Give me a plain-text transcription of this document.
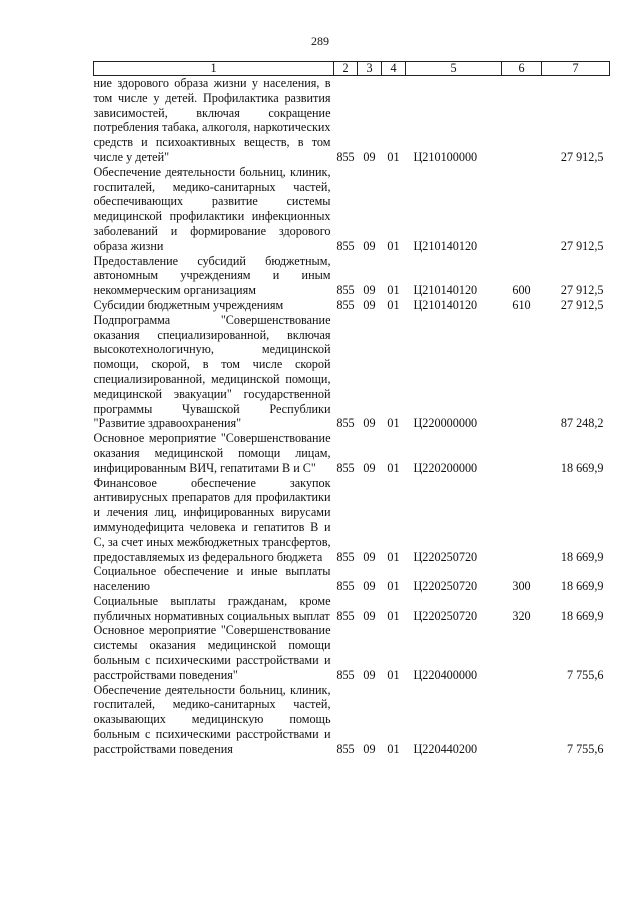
289
1	2	3	4	5	6	7
ние здорового образа жизни у населения, в том числе у детей. Профилактика развития зависимостей, включая сокращение потребления табака, алкоголя, наркотических средств и психоактивных веществ, в том числе у детей"	855	09	01	Ц210100000		27 912,5
Обеспечение деятельности больниц, клиник, госпиталей, медико-санитарных частей, обеспечивающих развитие системы медицинской профилактики инфекционных заболеваний и формирование здорового образа жизни	855	09	01	Ц210140120		27 912,5
Предоставление субсидий бюджетным, автономным учреждениям и иным некоммерческим организациям	855	09	01	Ц210140120	600	27 912,5
Субсидии бюджетным учреждениям	855	09	01	Ц210140120	610	27 912,5
Подпрограмма "Совершенствование оказания специализированной, включая высокотехнологичную, медицинской помощи, скорой, в том числе скорой специализированной, медицинской помощи, медицинской эвакуации" государственной программы Чувашской Республики "Развитие здравоохранения"	855	09	01	Ц220000000		87 248,2
Основное мероприятие "Совершенствование оказания медицинской помощи лицам, инфицированным ВИЧ, гепатитами В и С"	855	09	01	Ц220200000		18 669,9
Финансовое обеспечение закупок антивирусных препаратов для профилактики и лечения лиц, инфицированных вирусами иммунодефицита человека и гепатитов В и С, за счет иных межбюджетных трансфертов, предоставляемых из федерального бюджета	855	09	01	Ц220250720		18 669,9
Социальное обеспечение и иные выплаты населению	855	09	01	Ц220250720	300	18 669,9
Социальные выплаты гражданам, кроме публичных нормативных социальных выплат	855	09	01	Ц220250720	320	18 669,9
Основное мероприятие "Совершенствование системы оказания медицинской помощи больным с психическими расстройствами и расстройствами поведения"	855	09	01	Ц220400000		7 755,6
Обеспечение деятельности больниц, клиник, госпиталей, медико-санитарных частей, оказывающих медицинскую помощь больным с психическими расстройствами и расстройствами поведения	855	09	01	Ц220440200		7 755,6
